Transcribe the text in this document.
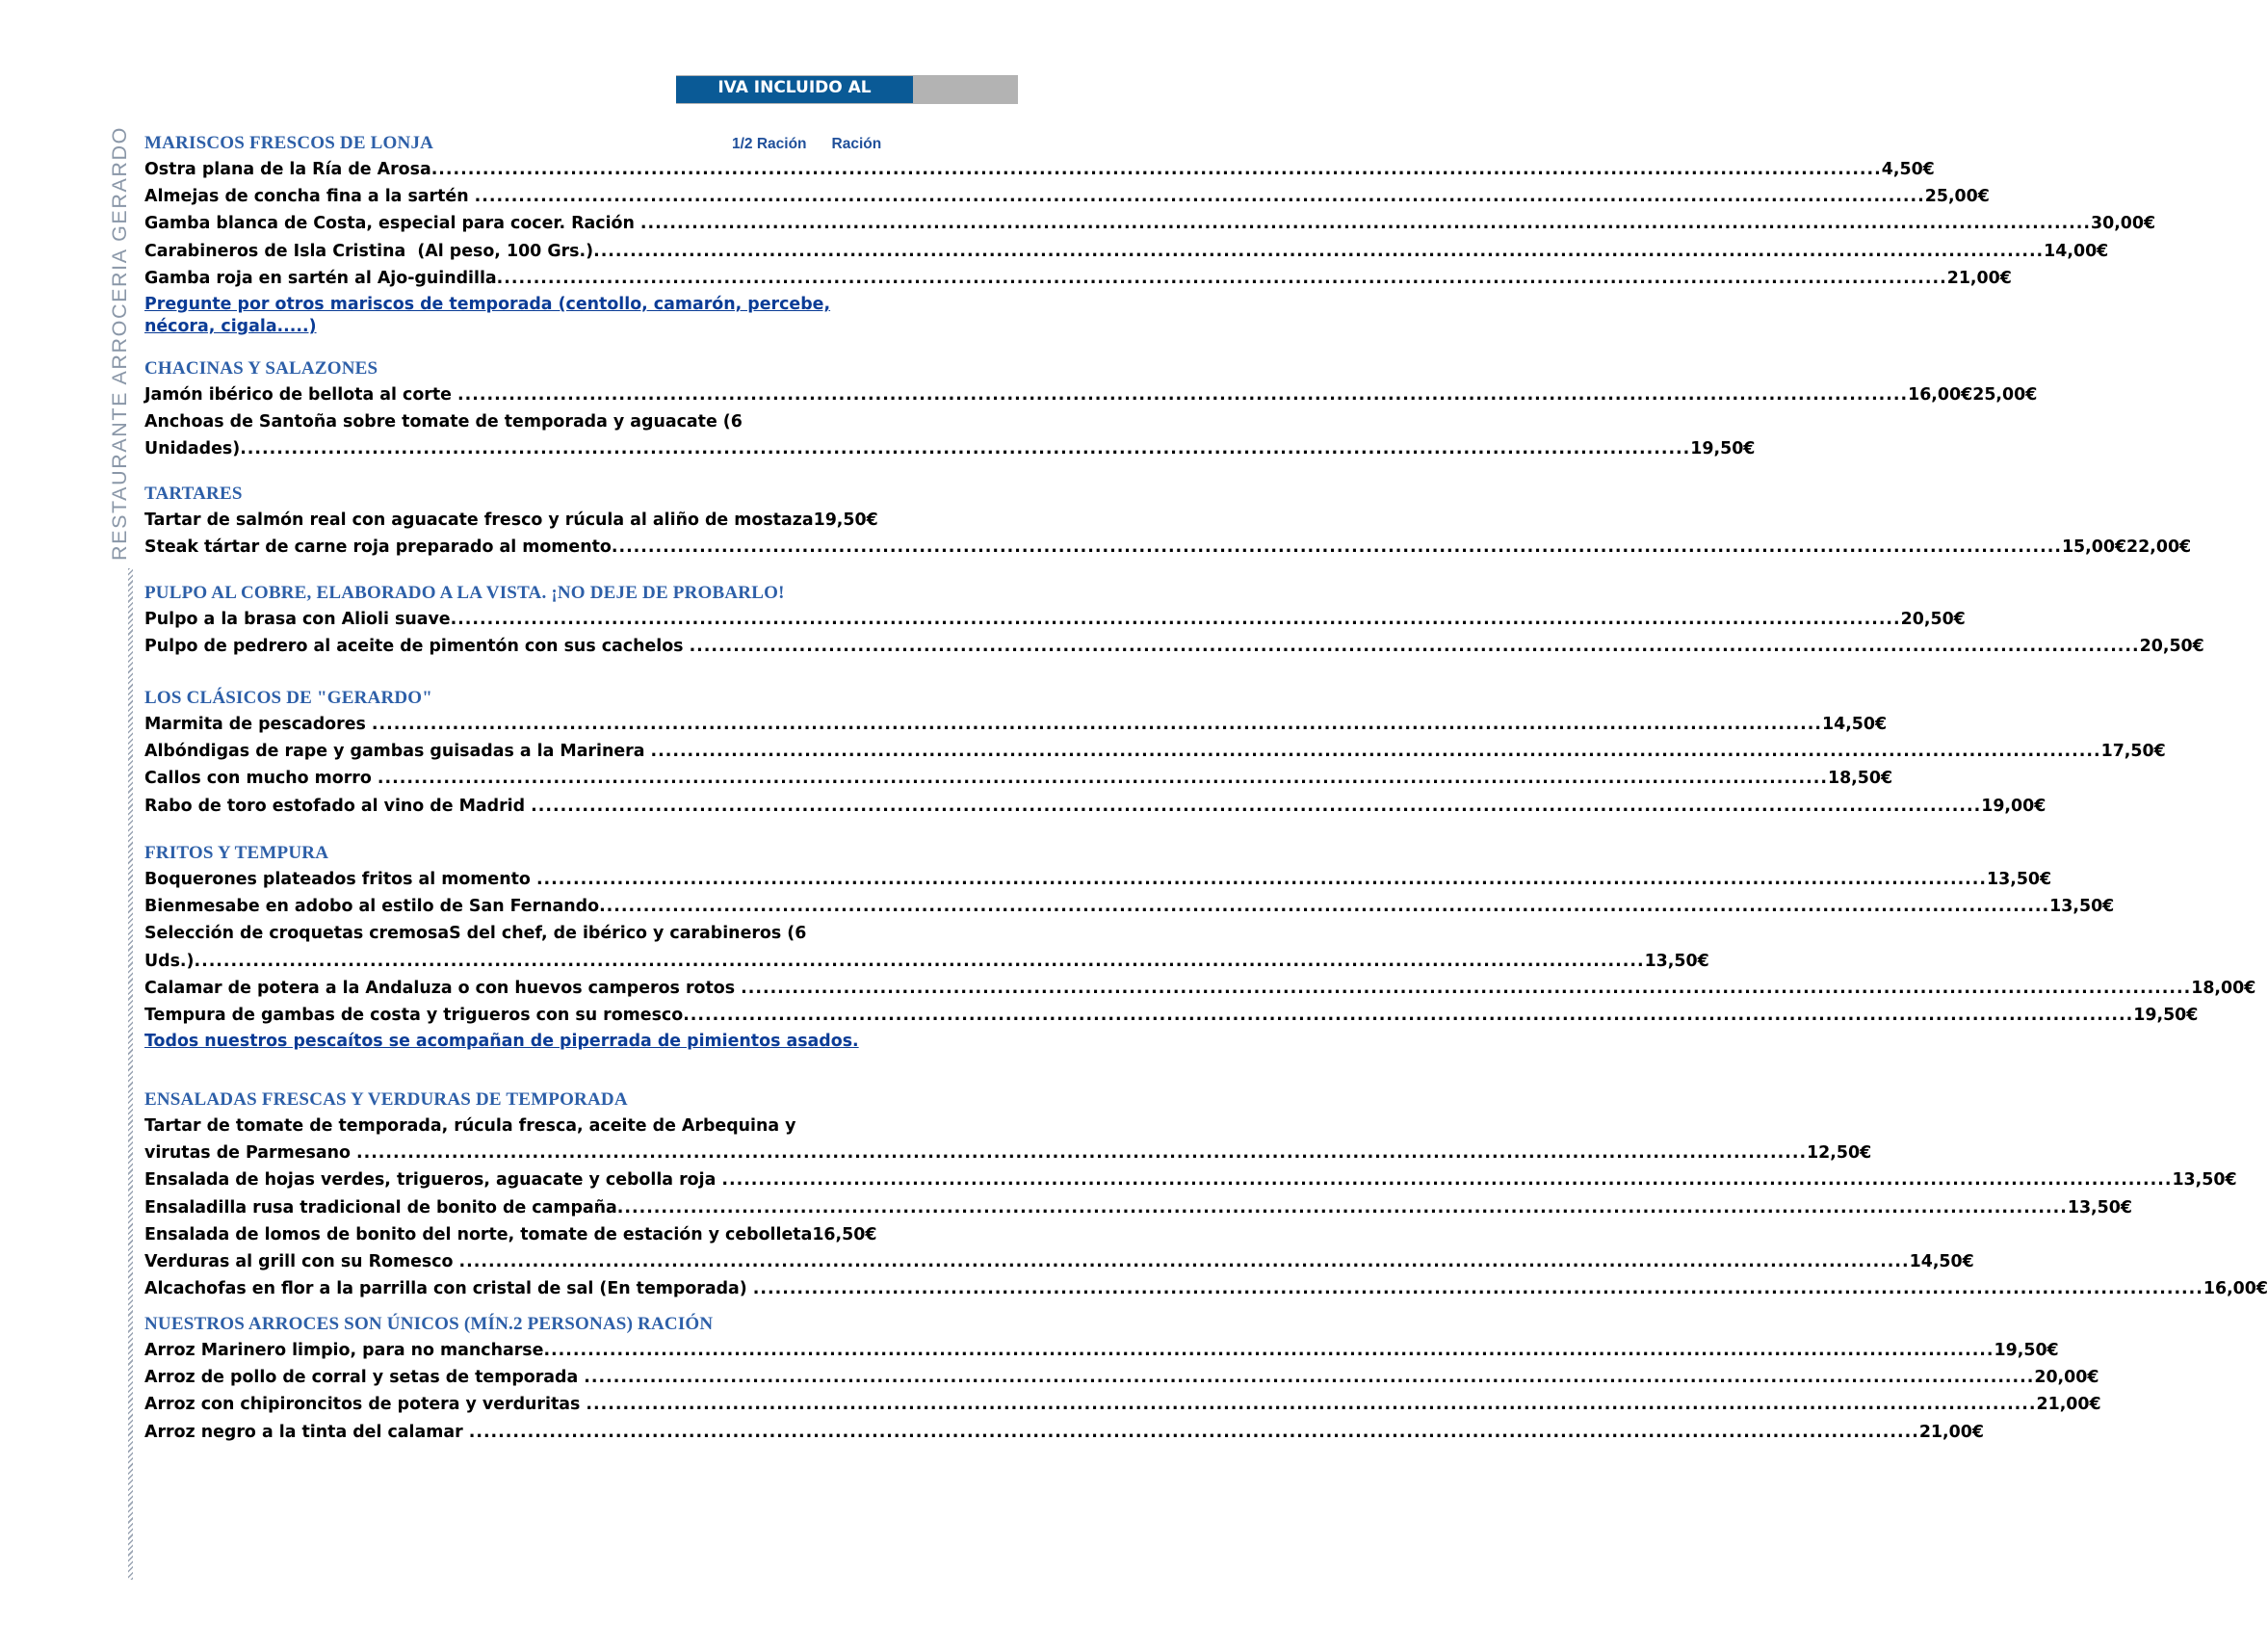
IVA INCLUIDO AL
10%
RESTAURANTE ARROCERIA GERARDO	1/2 Ración Ración
MARISCOS FRESCOS DE LONJA
Ostra plana de la Ría de Arosa
.....	4,50€
Almejas de concha fina a la sartén
.....	25,00€
Gamba blanca de Costa, especial para cocer. Ración
.....	30,00€
Carabineros de Isla Cristina  (Al peso, 100 Grs.)
.....	14,00€
Gamba roja en sartén al Ajo-guindilla
.....	21,00€
Pregunte por otros mariscos de temporada (centollo, camarón, percebe, nécora, cigala.....)
CHACINAS Y SALAZONES
Jamón ibérico de bellota al corte
.....	16,00€25,00€
Anchoas de Santoña sobre tomate de temporada y aguacate (6
Unidades)
.....	19,50€
TARTARES
Tartar de salmón real con aguacate fresco y rúcula al aliño de mostaza 19,50€
Steak tártar de carne roja preparado al momento
.....	15,00€22,00€
PULPO AL COBRE, ELABORADO A LA VISTA. ¡NO DEJE DE PROBARLO!
Pulpo a la brasa con Alioli suave
.....	20,50€
Pulpo de pedrero al aceite de pimentón con sus cachelos
.....	20,50€
LOS CLÁSICOS DE "GERARDO"
Marmita de pescadores
.....	14,50€
Albóndigas de rape y gambas guisadas a la Marinera
.....	17,50€
Callos con mucho morro
.....	18,50€
Rabo de toro estofado al vino de Madrid
.....	19,00€
FRITOS Y TEMPURA
Boquerones plateados fritos al momento
.....	13,50€
Bienmesabe en adobo al estilo de San Fernando
.....	13,50€
Selección de croquetas cremosaS del chef, de ibérico y carabineros (6
Uds.)
.....	13,50€
Calamar de potera a la Andaluza o con huevos camperos rotos
.....	18,00€
Tempura de gambas de costa y trigueros con su romesco
.....	19,50€
Todos nuestros pescaítos se acompañan de piperrada de pimientos asados.
ENSALADAS FRESCAS Y VERDURAS DE TEMPORADA
Tartar de tomate de temporada, rúcula fresca, aceite de Arbequina y
virutas de Parmesano
.....	12,50€
Ensalada de hojas verdes, trigueros, aguacate y cebolla roja
.....	13,50€
Ensaladilla rusa tradicional de bonito de campaña
.....	13,50€
Ensalada de lomos de bonito del norte, tomate de estación y cebolleta 16,50€
Verduras al grill con su Romesco
.....	14,50€
Alcachofas en flor a la parrilla con cristal de sal (En temporada)
.....	16,00€
NUESTROS ARROCES SON ÚNICOS (MÍN.2 PERSONAS) RACIÓN
Arroz Marinero limpio, para no mancharse
.....	19,50€
Arroz de pollo de corral y setas de temporada
.....	20,00€
Arroz con chipironcitos de potera y verduritas
.....	21,00€
Arroz negro a la tinta del calamar
.....	21,00€
